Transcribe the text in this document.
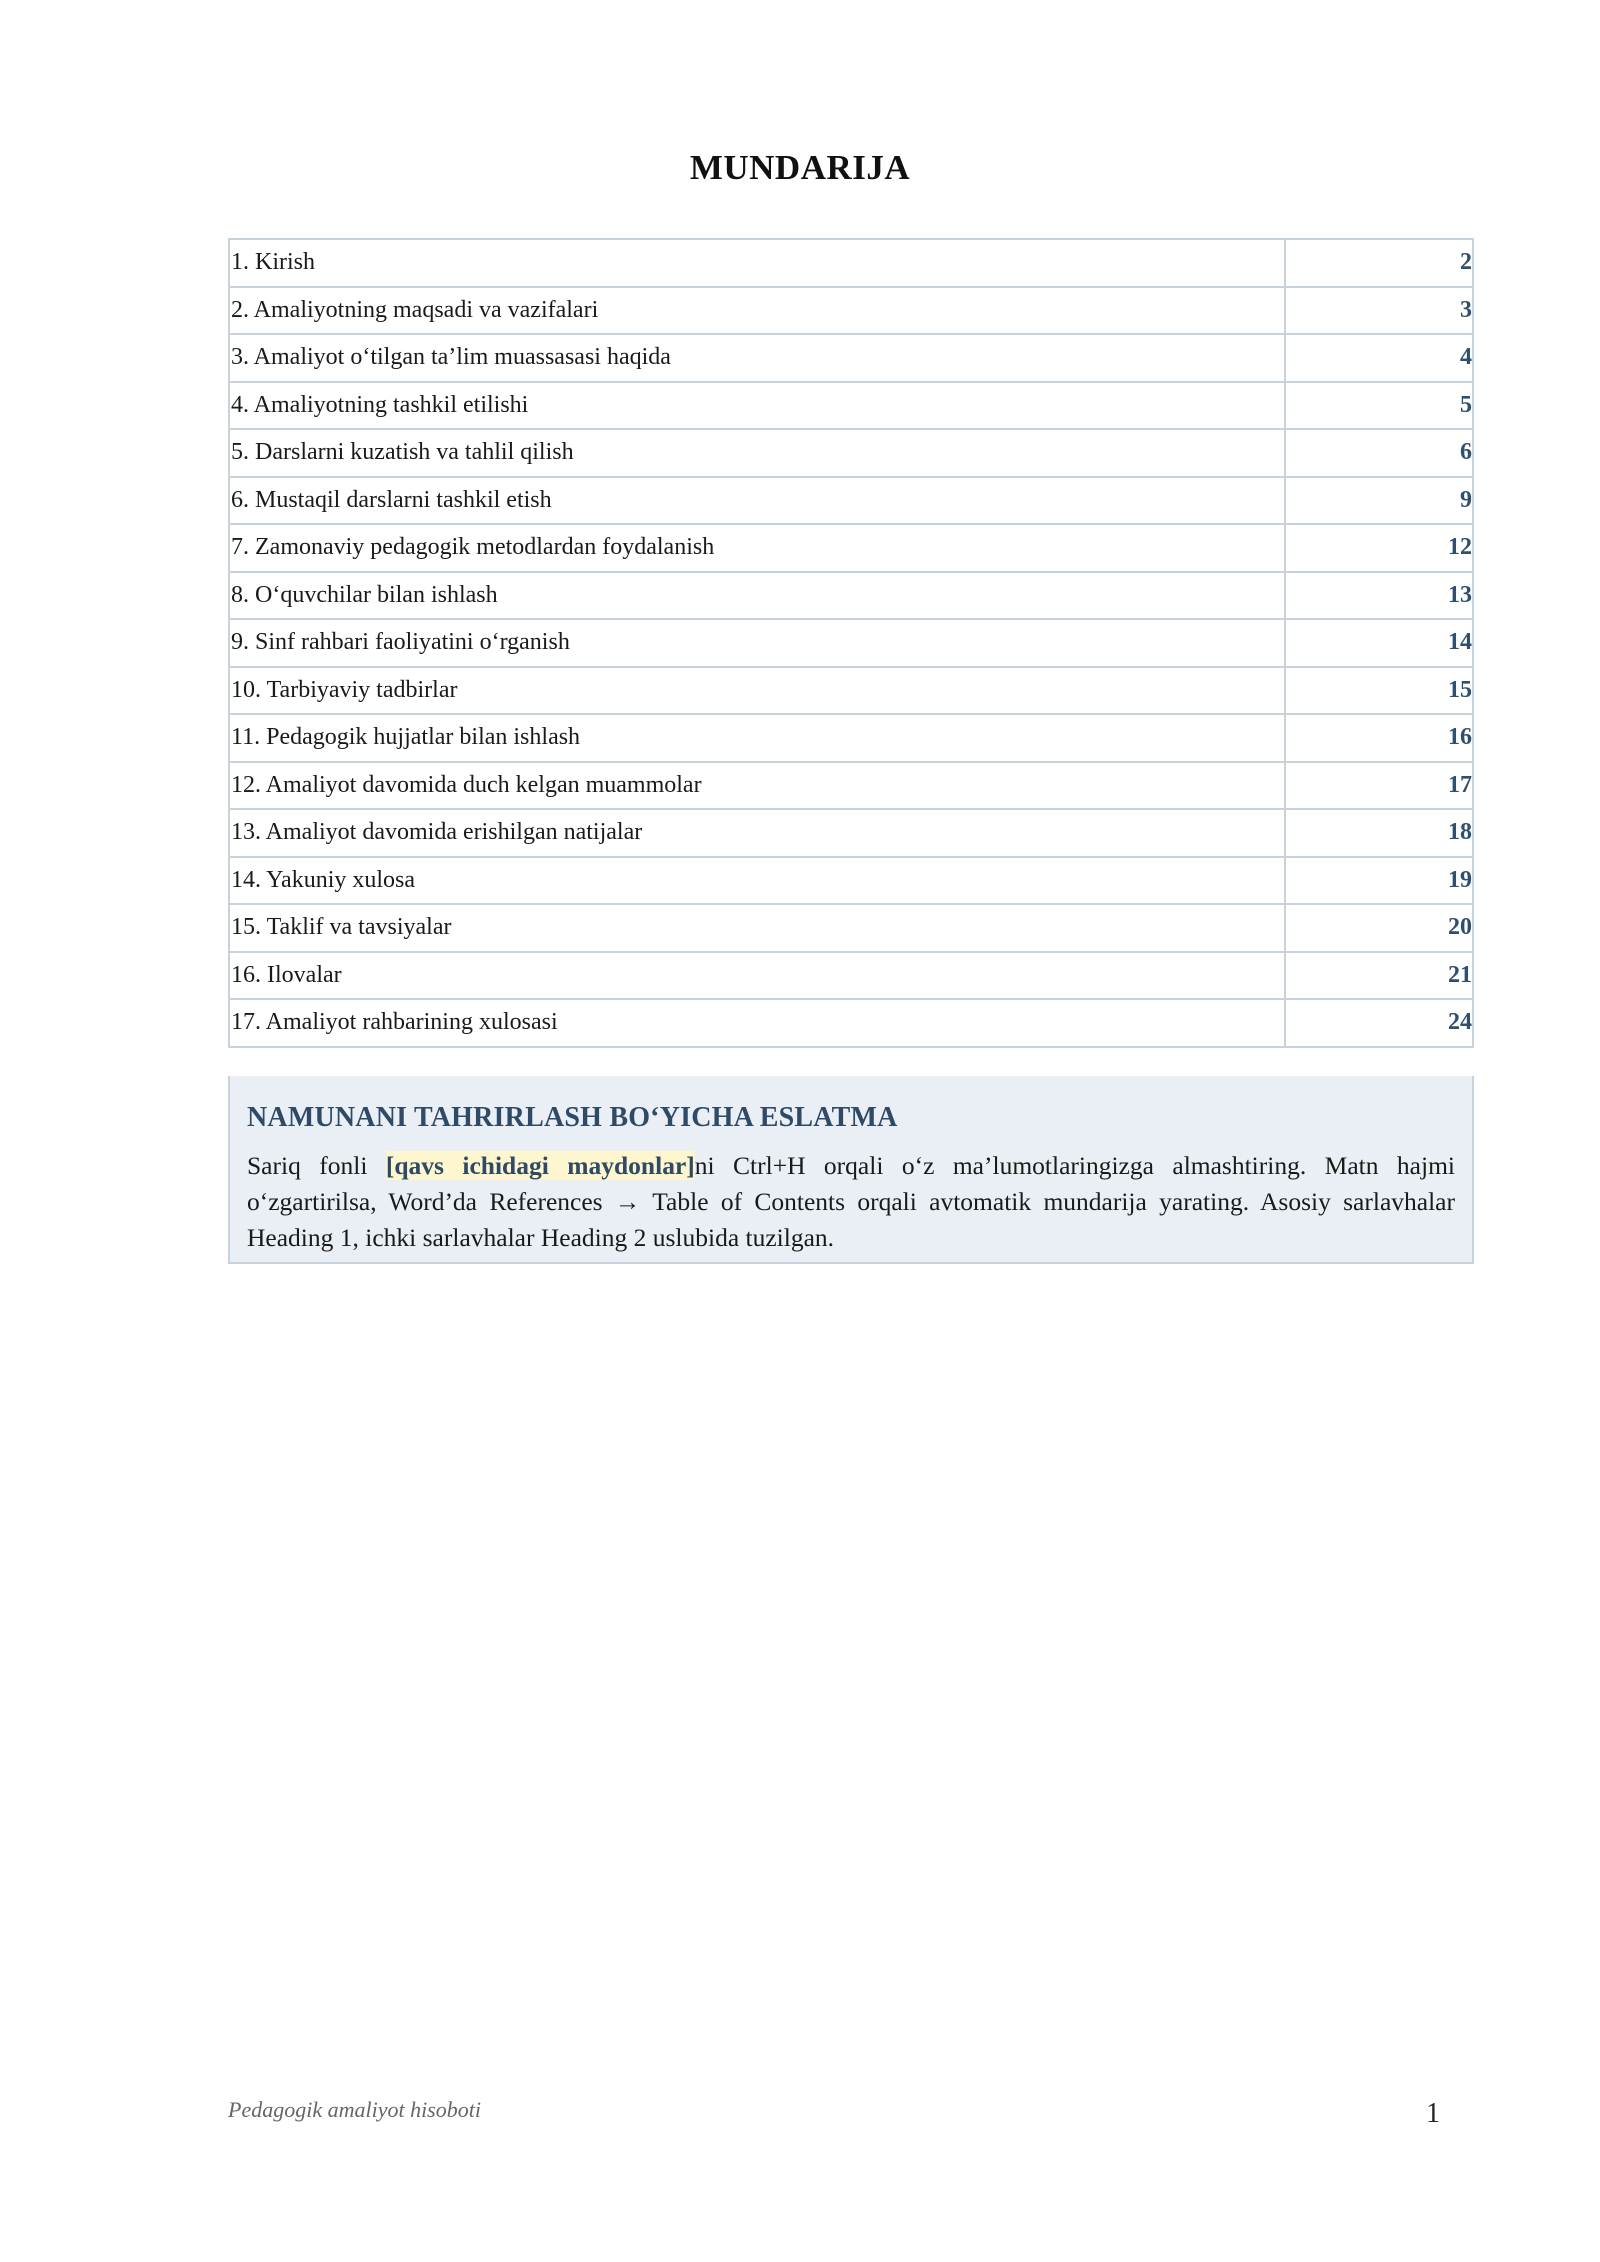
MUNDARIJA
1. Kirish	2
2. Amaliyotning maqsadi va vazifalari	3
3. Amaliyot o‘tilgan ta’lim muassasasi haqida	4
4. Amaliyotning tashkil etilishi	5
5. Darslarni kuzatish va tahlil qilish	6
6. Mustaqil darslarni tashkil etish	9
7. Zamonaviy pedagogik metodlardan foydalanish	12
8. O‘quvchilar bilan ishlash	13
9. Sinf rahbari faoliyatini o‘rganish	14
10. Tarbiyaviy tadbirlar	15
11. Pedagogik hujjatlar bilan ishlash	16
12. Amaliyot davomida duch kelgan muammolar	17
13. Amaliyot davomida erishilgan natijalar	18
14. Yakuniy xulosa	19
15. Taklif va tavsiyalar	20
16. Ilovalar	21
17. Amaliyot rahbarining xulosasi	24
NAMUNANI TAHRIRLASH BO‘YICHA ESLATMA

Sariq fonli [qavs ichidagi maydonlar]ni Ctrl+H orqali o‘z ma’lumotlaringizga almashtiring. Matn hajmi o‘zgartirilsa, Word’da References → Table of Contents orqali avtomatik mundarija yarating. Asosiy sarlavhalar Heading 1, ichki sarlavhalar Heading 2 uslubida tuzilgan.

Pedagogik amaliyot hisoboti	1
